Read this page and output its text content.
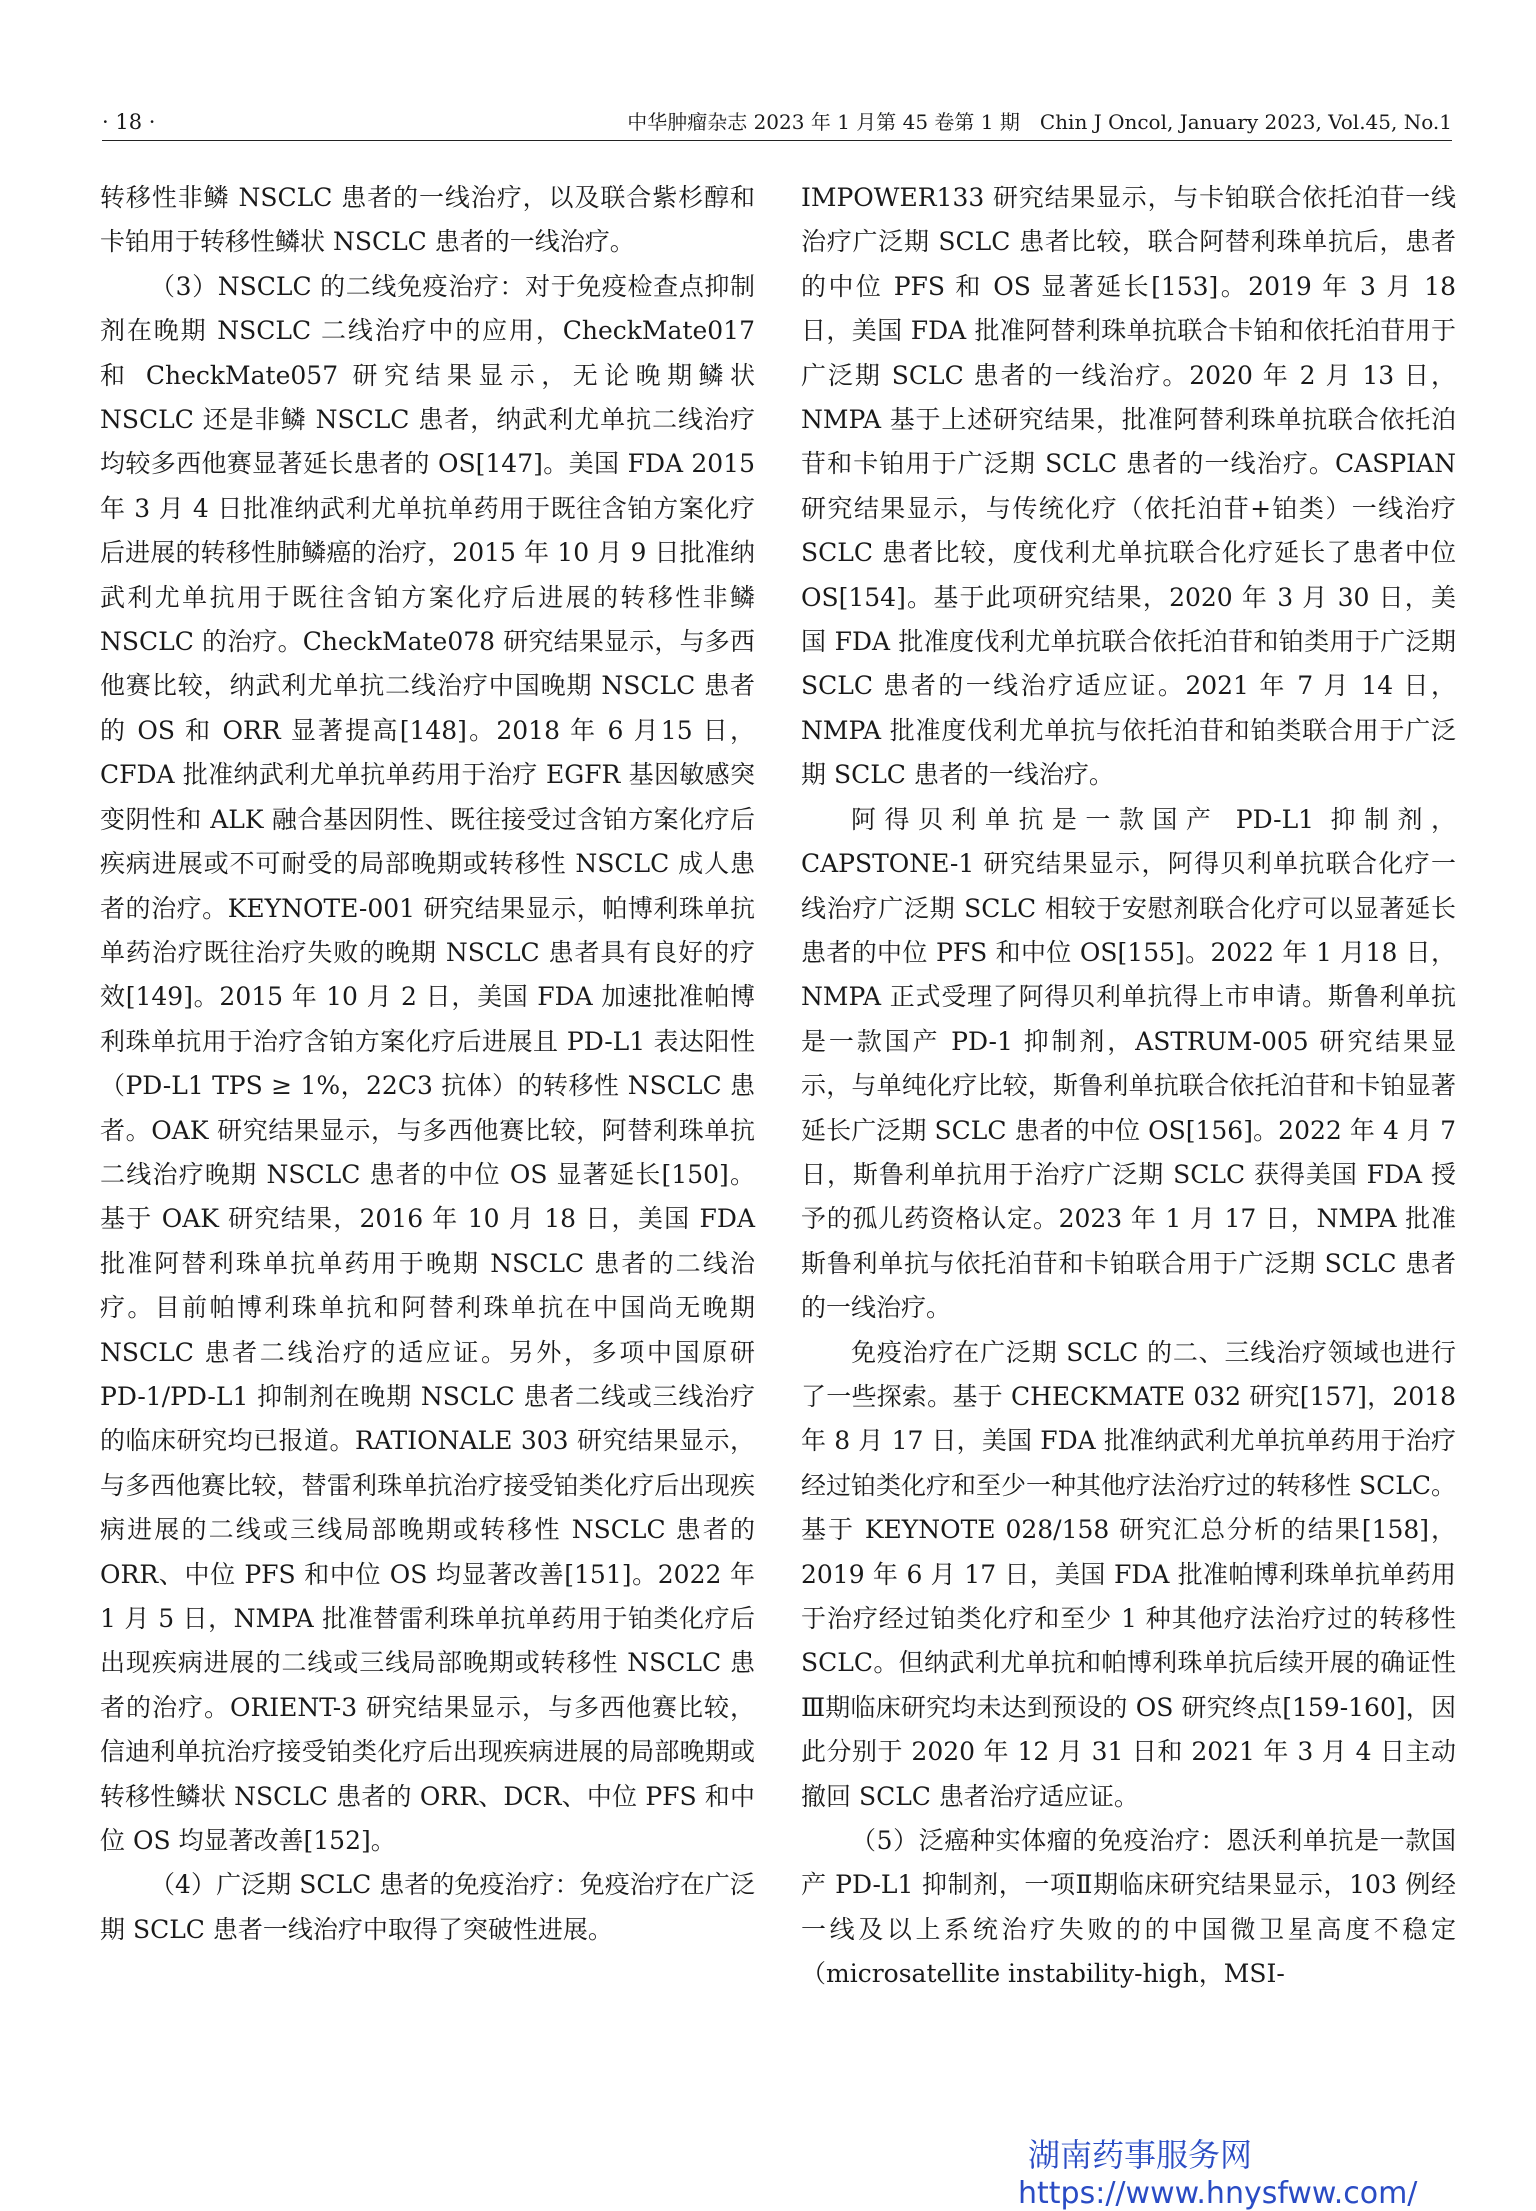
· 18 ·	中华肿瘤杂志 2023 年 1 月第 45 卷第 1 期　Chin J Oncol, January 2023, Vol.45, No.1

转移性非鳞 NSCLC 患者的一线治疗，以及联合紫杉醇和卡铂用于转移性鳞状 NSCLC 患者的一线治疗。

（3）NSCLC 的二线免疫治疗：对于免疫检查点抑制剂在晚期 NSCLC 二线治疗中的应用，CheckMate017 和 CheckMate057 研究结果显示，无论晚期鳞状 NSCLC 还是非鳞 NSCLC 患者，纳武利尤单抗二线治疗均较多西他赛显著延长患者的 OS[147]。美国 FDA 2015 年 3 月 4 日批准纳武利尤单抗单药用于既往含铂方案化疗后进展的转移性肺鳞癌的治疗，2015 年 10 月 9 日批准纳武利尤单抗用于既往含铂方案化疗后进展的转移性非鳞 NSCLC 的治疗。CheckMate078 研究结果显示，与多西他赛比较，纳武利尤单抗二线治疗中国晚期 NSCLC 患者的 OS 和 ORR 显著提高[148]。2018 年 6 月15 日，CFDA 批准纳武利尤单抗单药用于治疗 EGFR 基因敏感突变阴性和 ALK 融合基因阴性、既往接受过含铂方案化疗后疾病进展或不可耐受的局部晚期或转移性 NSCLC 成人患者的治疗。KEYNOTE-001 研究结果显示，帕博利珠单抗单药治疗既往治疗失败的晚期 NSCLC 患者具有良好的疗效[149]。2015 年 10 月 2 日，美国 FDA 加速批准帕博利珠单抗用于治疗含铂方案化疗后进展且 PD-L1 表达阳性（PD-L1 TPS ≥ 1%，22C3 抗体）的转移性 NSCLC 患者。OAK 研究结果显示，与多西他赛比较，阿替利珠单抗二线治疗晚期 NSCLC 患者的中位 OS 显著延长[150]。基于 OAK 研究结果，2016 年 10 月 18 日，美国 FDA 批准阿替利珠单抗单药用于晚期 NSCLC 患者的二线治疗。目前帕博利珠单抗和阿替利珠单抗在中国尚无晚期 NSCLC 患者二线治疗的适应证。另外，多项中国原研 PD-1/PD-L1 抑制剂在晚期 NSCLC 患者二线或三线治疗的临床研究均已报道。RATIONALE 303 研究结果显示，与多西他赛比较，替雷利珠单抗治疗接受铂类化疗后出现疾病进展的二线或三线局部晚期或转移性 NSCLC 患者的 ORR、中位 PFS 和中位 OS 均显著改善[151]。2022 年 1 月 5 日，NMPA 批准替雷利珠单抗单药用于铂类化疗后出现疾病进展的二线或三线局部晚期或转移性 NSCLC 患者的治疗。ORIENT-3 研究结果显示，与多西他赛比较，信迪利单抗治疗接受铂类化疗后出现疾病进展的局部晚期或转移性鳞状 NSCLC 患者的 ORR、DCR、中位 PFS 和中位 OS 均显著改善[152]。

（4）广泛期 SCLC 患者的免疫治疗：免疫治疗在广泛期 SCLC 患者一线治疗中取得了突破性进展。

IMPOWER133 研究结果显示，与卡铂联合依托泊苷一线治疗广泛期 SCLC 患者比较，联合阿替利珠单抗后，患者的中位 PFS 和 OS 显著延长[153]。2019 年 3 月 18 日，美国 FDA 批准阿替利珠单抗联合卡铂和依托泊苷用于广泛期 SCLC 患者的一线治疗。2020 年 2 月 13 日，NMPA 基于上述研究结果，批准阿替利珠单抗联合依托泊苷和卡铂用于广泛期 SCLC 患者的一线治疗。CASPIAN 研究结果显示，与传统化疗（依托泊苷+铂类）一线治疗 SCLC 患者比较，度伐利尤单抗联合化疗延长了患者中位 OS[154]。基于此项研究结果，2020 年 3 月 30 日，美国 FDA 批准度伐利尤单抗联合依托泊苷和铂类用于广泛期 SCLC 患者的一线治疗适应证。2021 年 7 月 14 日，NMPA 批准度伐利尤单抗与依托泊苷和铂类联合用于广泛期 SCLC 患者的一线治疗。

阿得贝利单抗是一款国产 PD-L1 抑制剂，CAPSTONE-1 研究结果显示，阿得贝利单抗联合化疗一线治疗广泛期 SCLC 相较于安慰剂联合化疗可以显著延长患者的中位 PFS 和中位 OS[155]。2022 年 1 月18 日，NMPA 正式受理了阿得贝利单抗得上市申请。斯鲁利单抗是一款国产 PD-1 抑制剂，ASTRUM-005 研究结果显示，与单纯化疗比较，斯鲁利单抗联合依托泊苷和卡铂显著延长广泛期 SCLC 患者的中位 OS[156]。2022 年 4 月 7 日，斯鲁利单抗用于治疗广泛期 SCLC 获得美国 FDA 授予的孤儿药资格认定。2023 年 1 月 17 日，NMPA 批准斯鲁利单抗与依托泊苷和卡铂联合用于广泛期 SCLC 患者的一线治疗。

免疫治疗在广泛期 SCLC 的二、三线治疗领域也进行了一些探索。基于 CHECKMATE 032 研究[157]，2018 年 8 月 17 日，美国 FDA 批准纳武利尤单抗单药用于治疗经过铂类化疗和至少一种其他疗法治疗过的转移性 SCLC。基于 KEYNOTE 028/158 研究汇总分析的结果[158]，2019 年 6 月 17 日，美国 FDA 批准帕博利珠单抗单药用于治疗经过铂类化疗和至少 1 种其他疗法治疗过的转移性 SCLC。但纳武利尤单抗和帕博利珠单抗后续开展的确证性Ⅲ期临床研究均未达到预设的 OS 研究终点[159-160]，因此分别于 2020 年 12 月 31 日和 2021 年 3 月 4 日主动撤回 SCLC 患者治疗适应证。

（5）泛癌种实体瘤的免疫治疗：恩沃利单抗是一款国产 PD-L1 抑制剂，一项Ⅱ期临床研究结果显示，103 例经一线及以上系统治疗失败的的中国微卫星高度不稳定（microsatellite instability-high，MSI-

湖南药事服务网
https://www.hnysfww.com/
